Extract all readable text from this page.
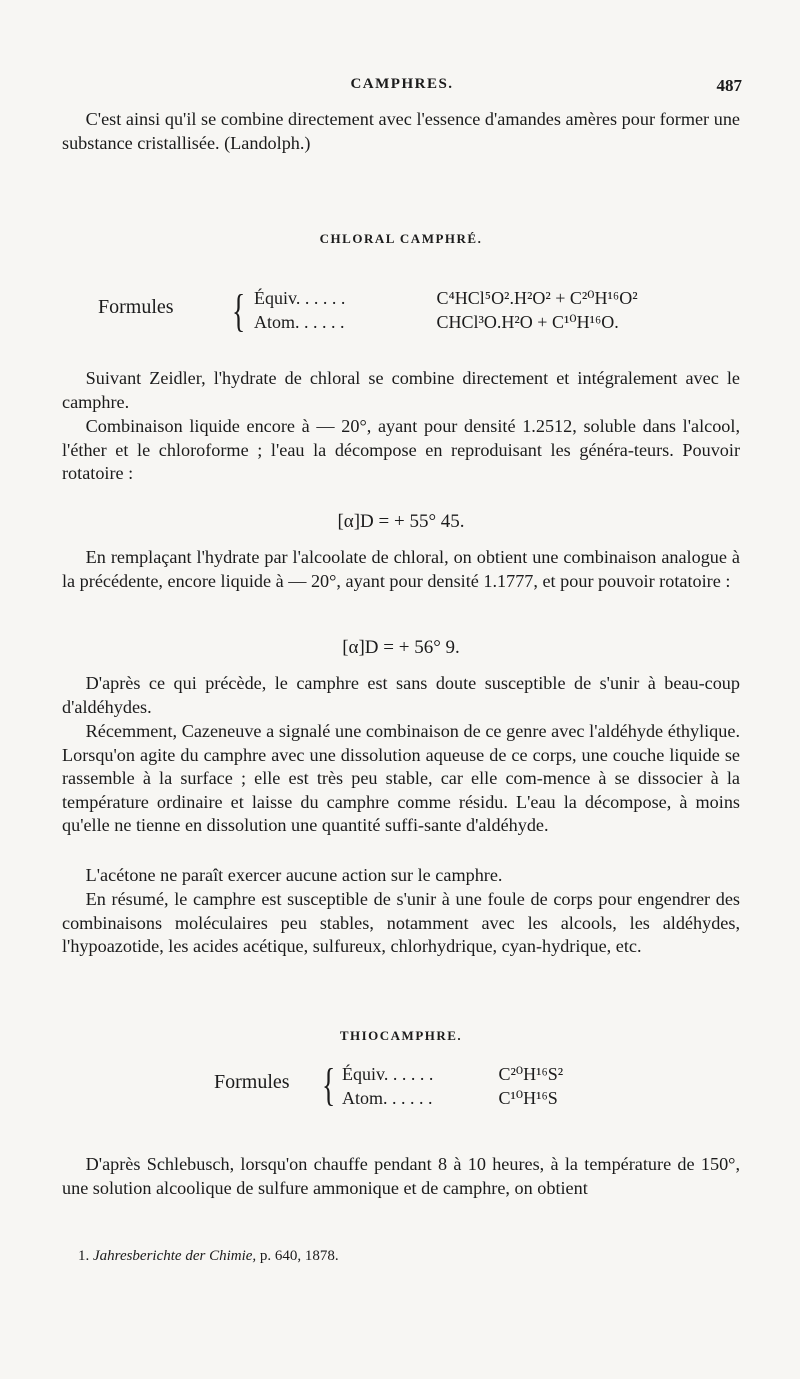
CAMPHRES.	487

C'est ainsi qu'il se combine directement avec l'essence d'amandes amères pour former une substance cristallisée. (Landolph.)

CHLORAL CAMPHRÉ.
Formules { Équiv. . . . . .	C⁴HCl⁵O².H²O² + C²⁰H¹⁶O²
Atom. . . . . .	CHCl³O.H²O + C¹⁰H¹⁶O.

Suivant Zeidler, l'hydrate de chloral se combine directement et intégralement avec le camphre.

Combinaison liquide encore à — 20°, ayant pour densité 1.2512, soluble dans l'alcool, l'éther et le chloroforme ; l'eau la décompose en reproduisant les généra-teurs. Pouvoir rotatoire :

[α]D = + 55° 45.

En remplaçant l'hydrate par l'alcoolate de chloral, on obtient une combinaison analogue à la précédente, encore liquide à — 20°, ayant pour densité 1.1777, et pour pouvoir rotatoire :

[α]D = + 56° 9.

D'après ce qui précède, le camphre est sans doute susceptible de s'unir à beau-coup d'aldéhydes.

Récemment, Cazeneuve a signalé une combinaison de ce genre avec l'aldéhyde éthylique. Lorsqu'on agite du camphre avec une dissolution aqueuse de ce corps, une couche liquide se rassemble à la surface ; elle est très peu stable, car elle com-mence à se dissocier à la température ordinaire et laisse du camphre comme résidu. L'eau la décompose, à moins qu'elle ne tienne en dissolution une quantité suffi-sante d'aldéhyde.

L'acétone ne paraît exercer aucune action sur le camphre.

En résumé, le camphre est susceptible de s'unir à une foule de corps pour engendrer des combinaisons moléculaires peu stables, notamment avec les alcools, les aldéhydes, l'hypoazotide, les acides acétique, sulfureux, chlorhydrique, cyan-hydrique, etc.

THIOCAMPHRE.
Formules { Équiv. . . . . .	C²⁰H¹⁶S²
Atom. . . . . .	C¹⁰H¹⁶S

D'après Schlebusch, lorsqu'on chauffe pendant 8 à 10 heures, à la température de 150°, une solution alcoolique de sulfure ammonique et de camphre, on obtient

1. Jahresberichte der Chimie, p. 640, 1878.
